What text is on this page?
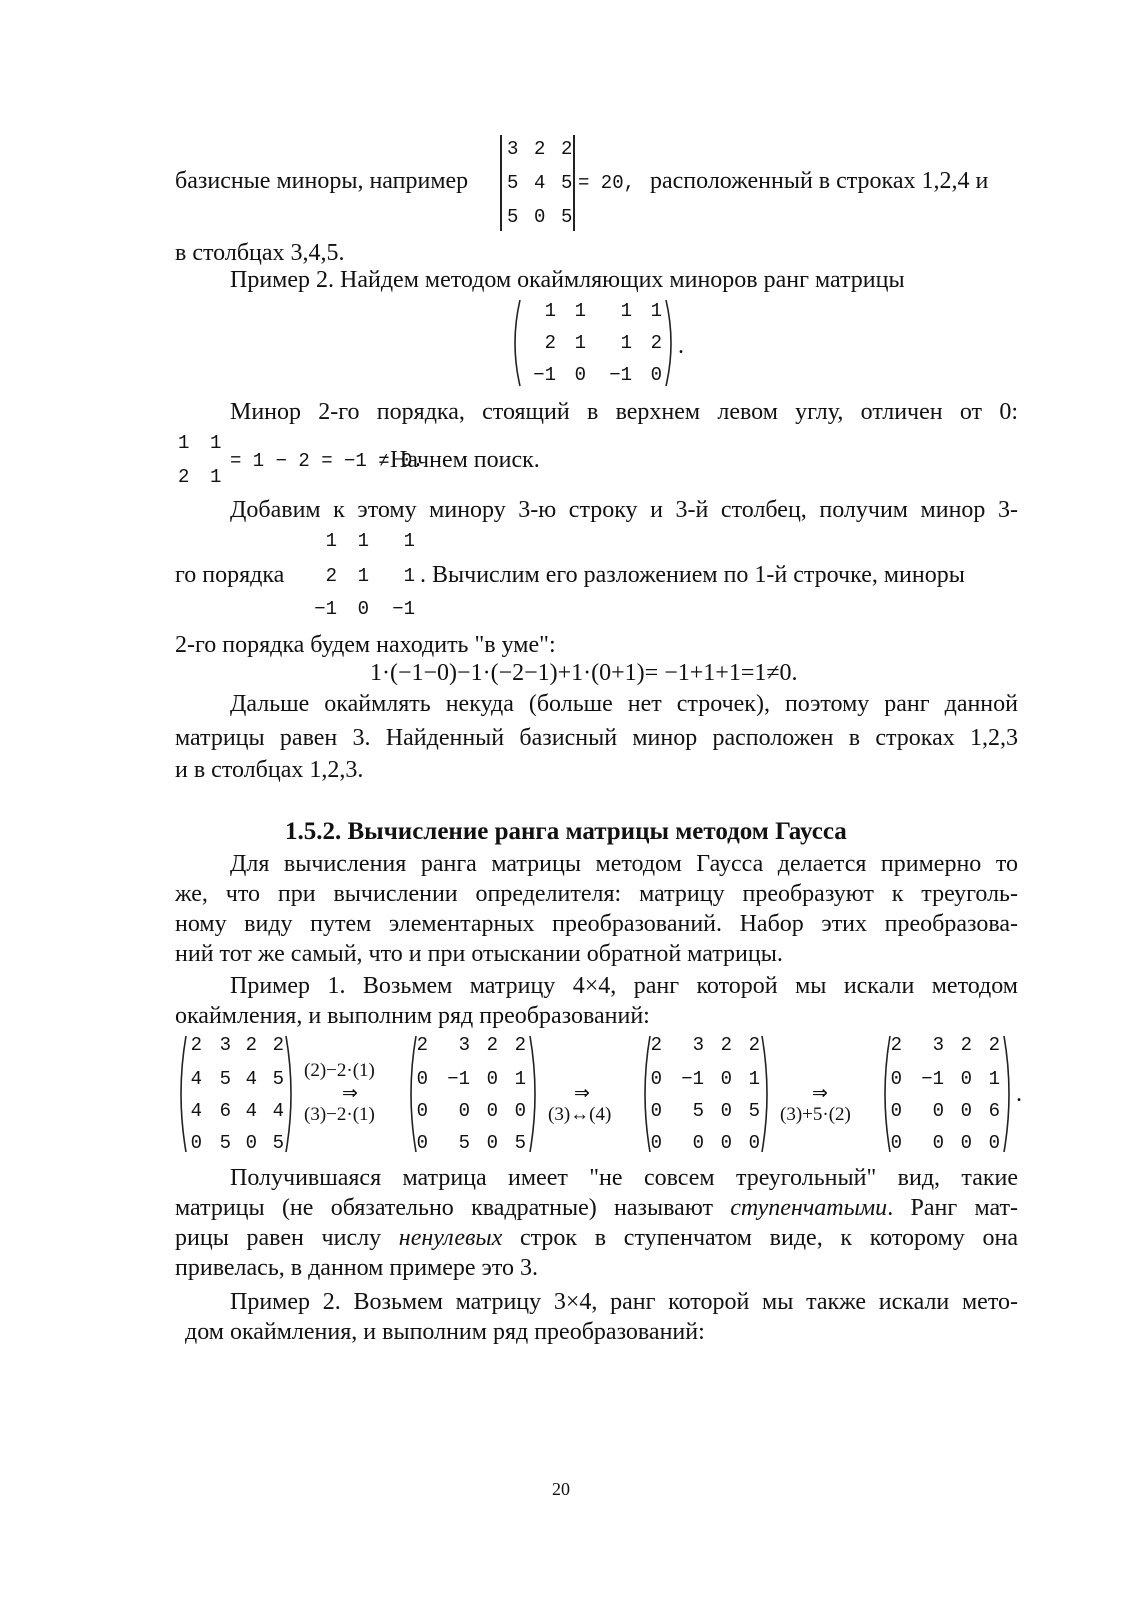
базисные миноры, например
3 2 2
5 4 5
5 0 5
= 20, расположенный в строках 1,2,4 и
в столбцах 3,4,5.
Пример 2. Найдем методом окаймляющих миноров ранг матрицы
1 1	1 1
2 1	1 2
−1 0	−1 0
.
Минор 2-го порядка, стоящий в верхнем левом углу, отличен от 0:
1 1
2 1
= 1 − 2 = −1 ≠ 0.
Начнем поиск.
Добавим к этому минору 3-ю строку и 3-й столбец, получим минор 3-
го порядка
1	1	1
2	1	1
−1	0	−1
. Вычислим его разложением по 1-й строчке, миноры
2-го порядка будем находить "в уме":
1·(−1−0)−1·(−2−1)+1·(0+1)= −1+1+1=1≠0.
Дальше окаймлять некуда (больше нет строчек), поэтому ранг данной
матрицы равен 3. Найденный базисный минор расположен в строках 1,2,3
и в столбцах 1,2,3.
1.5.2. Вычисление ранга матрицы методом Гаусса
Для вычисления ранга матрицы методом Гаусса делается примерно то
же, что при вычислении определителя: матрицу преобразуют к треуголь-
ному виду путем элементарных преобразований. Набор этих преобразова-
ний тот же самый, что и при отыскании обратной матрицы.
Пример 1. Возьмем матрицу 4×4, ранг которой мы искали методом
окаймления, и выполним ряд преобразований:
2 3 2 2
4 5 4 5
4 6 4 4
0 5 0 5
(2)−2·(1)
⇒
(3)−2·(1)
2	3 2 2
0	−1 0 1
0	0 0 0
0	5 0 5
⇒
(3)↔(4)
2	3 2 2
0	−1 0 1
0	5 0 5
0	0 0 0
⇒
(3)+5·(2)
2	3 2 2
0	−1 0 1
0	0 0 6
0	0 0 0
.
Получившаяся матрица имеет "не совсем треугольный" вид, такие
матрицы (не обязательно квадратные) называют ступенчатыми. Ранг мат-
рицы равен числу ненулевых строк в ступенчатом виде, к которому она
привелась, в данном примере это 3.
Пример 2. Возьмем матрицу 3×4, ранг которой мы также искали мето-
дом окаймления, и выполним ряд преобразований:
20
